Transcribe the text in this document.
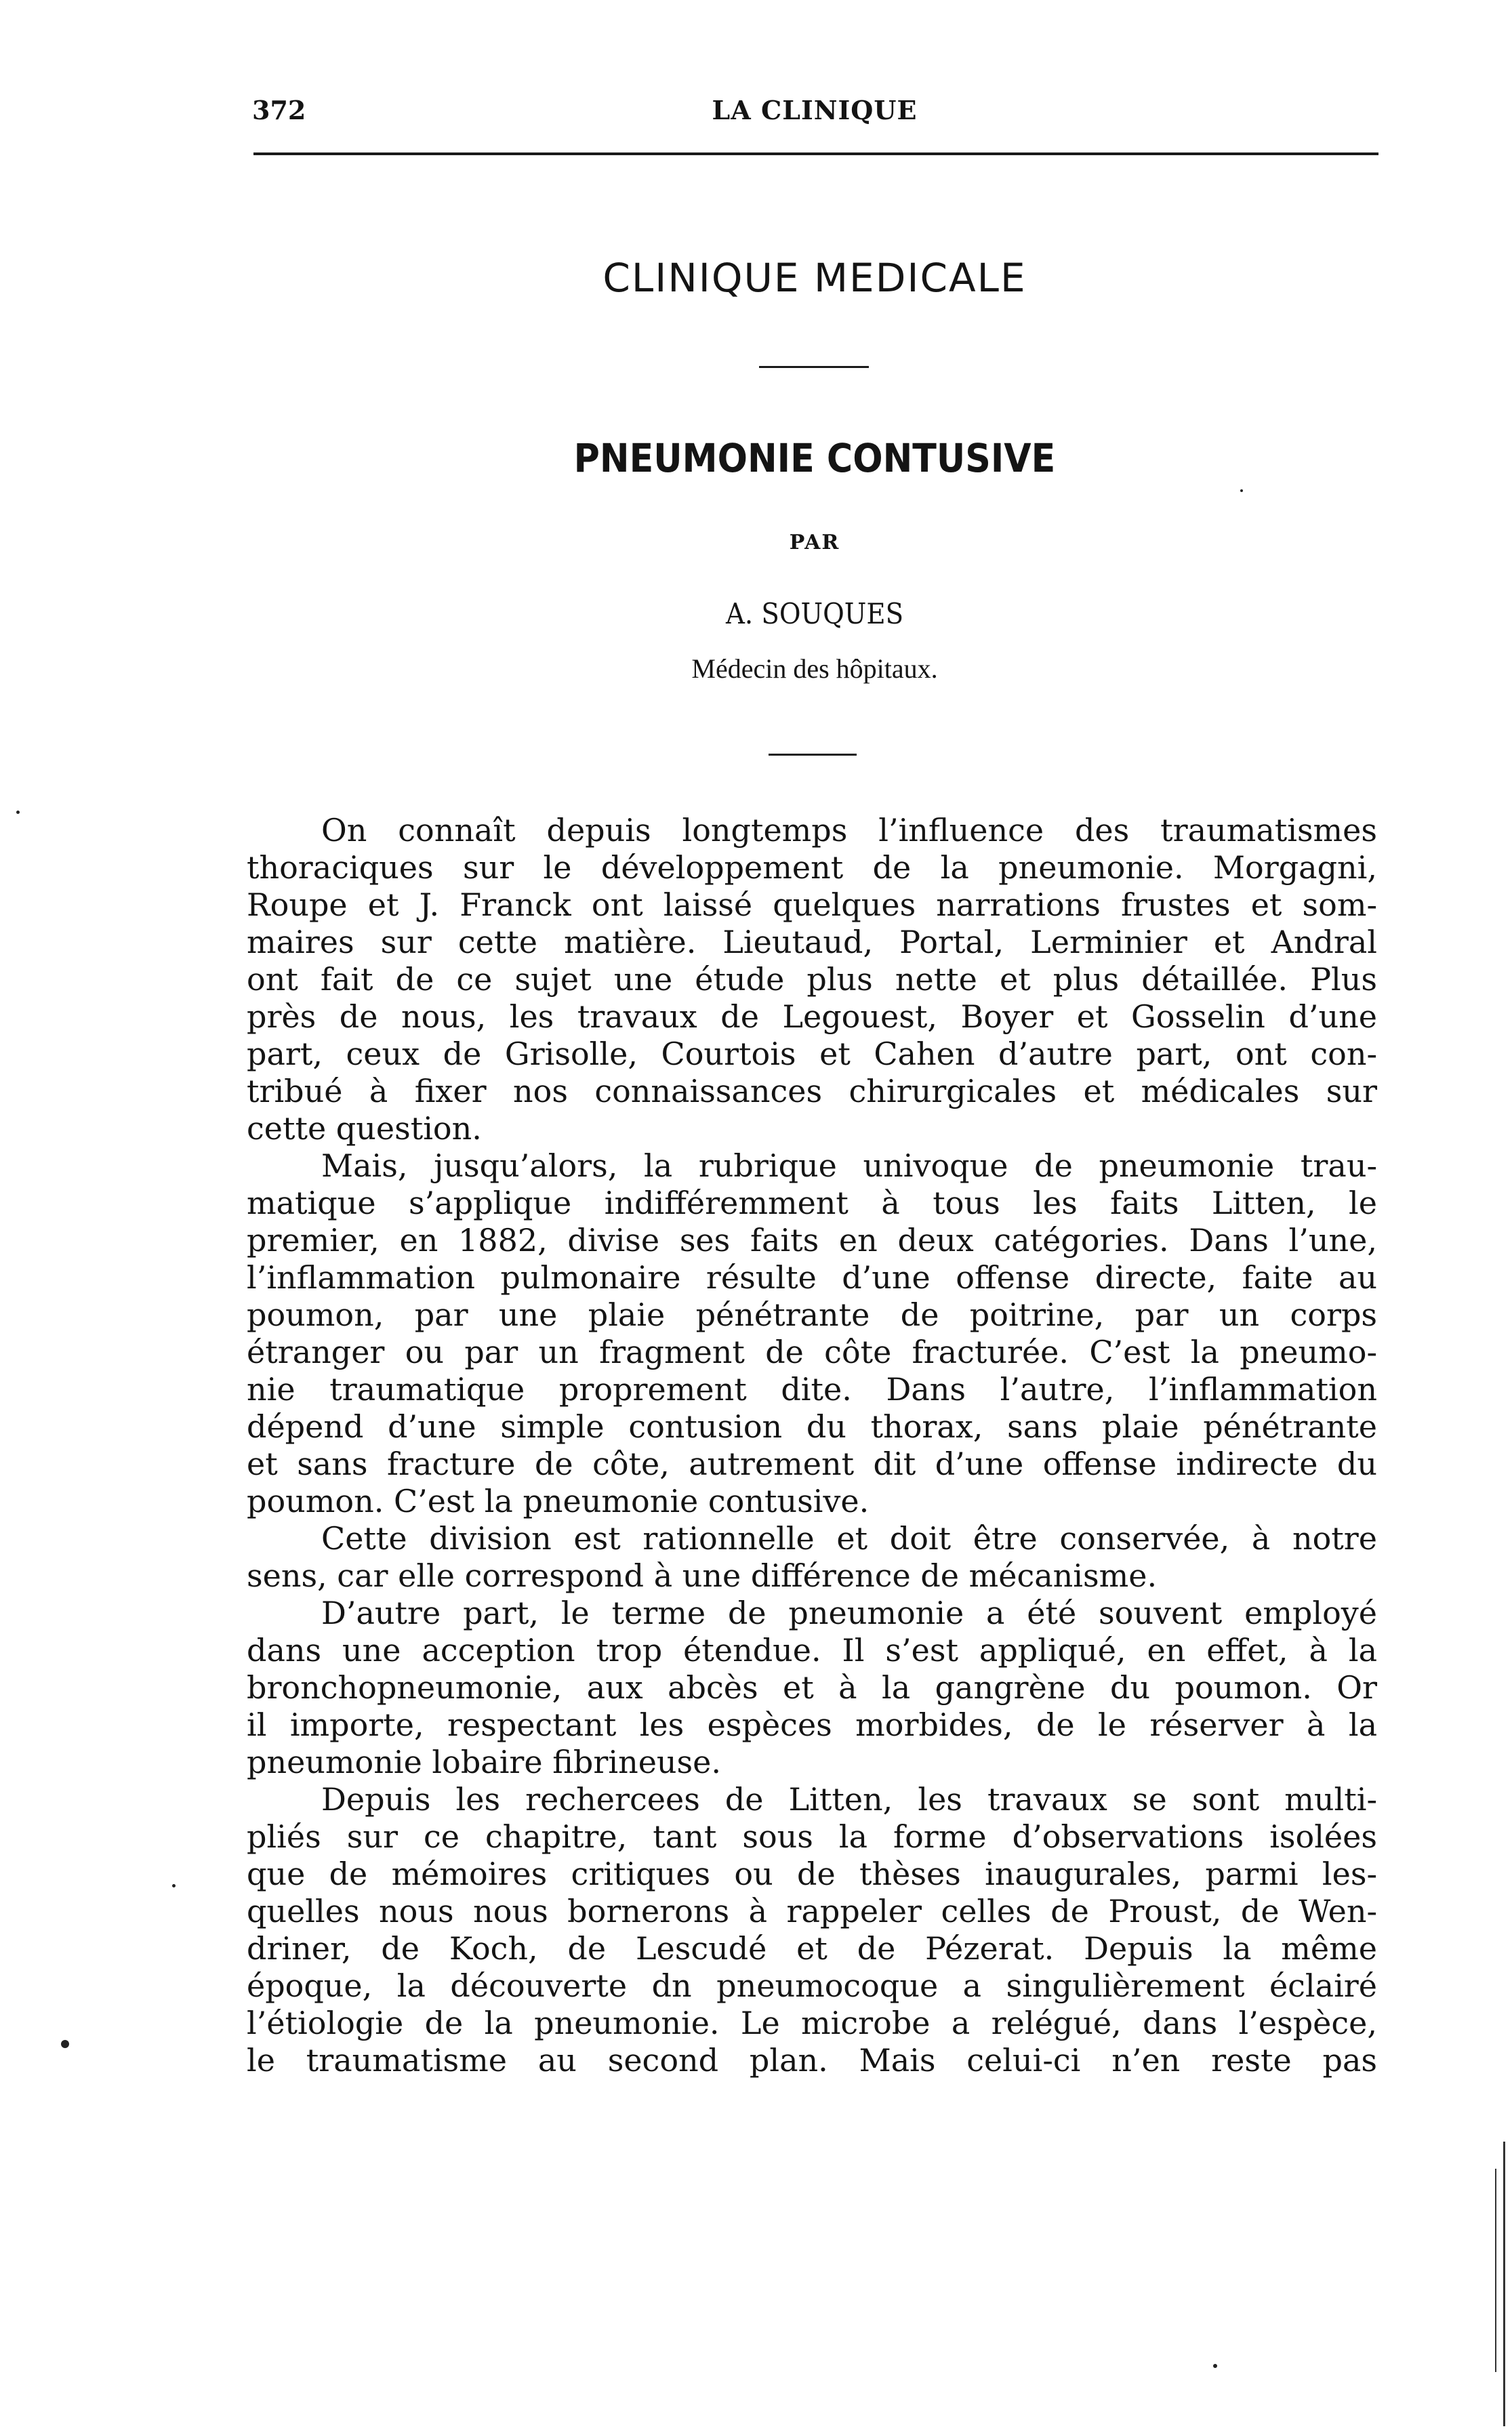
372	LA CLINIQUE
CLINIQUE MEDICALE
PNEUMONIE CONTUSIVE
PAR
A. SOUQUES
Médecin des hôpitaux.
On connaît depuis longtemps l’influence des traumatismes
thoraciques sur le développement de la pneumonie. Morgagni,
Roupe et J. Franck ont laissé quelques narrations frustes et som-
maires sur cette matière. Lieutaud, Portal, Lerminier et Andral
ont fait de ce sujet une étude plus nette et plus détaillée. Plus
près de nous, les travaux de Legouest, Boyer et Gosselin d’une
part, ceux de Grisolle, Courtois et Cahen d’autre part, ont con-
tribué à fixer nos connaissances chirurgicales et médicales sur
cette question.
Mais, jusqu’alors, la rubrique univoque de pneumonie trau-
matique s’applique indifféremment à tous les faits Litten, le
premier, en 1882, divise ses faits en deux catégories. Dans l’une,
l’inflammation pulmonaire résulte d’une offense directe, faite au
poumon, par une plaie pénétrante de poitrine, par un corps
étranger ou par un fragment de côte fracturée. C’est la pneumo-
nie traumatique proprement dite. Dans l’autre, l’inflammation
dépend d’une simple contusion du thorax, sans plaie pénétrante
et sans fracture de côte, autrement dit d’une offense indirecte du
poumon. C’est la pneumonie contusive.
Cette division est rationnelle et doit être conservée, à notre
sens, car elle correspond à une différence de mécanisme.
D’autre part, le terme de pneumonie a été souvent employé
dans une acception trop étendue. Il s’est appliqué, en effet, à la
bronchopneumonie, aux abcès et à la gangrène du poumon. Or
il importe, respectant les espèces morbides, de le réserver à la
pneumonie lobaire fibrineuse.
Depuis les rechercees de Litten, les travaux se sont multi-
pliés sur ce chapitre, tant sous la forme d’observations isolées
que de mémoires critiques ou de thèses inaugurales, parmi les-
quelles nous nous bornerons à rappeler celles de Proust, de Wen-
driner, de Koch, de Lescudé et de Pézerat. Depuis la même
époque, la découverte dn pneumocoque a singulièrement éclairé
l’étiologie de la pneumonie. Le microbe a relégué, dans l’espèce,
le traumatisme au second plan. Mais celui-ci n’en reste pas
